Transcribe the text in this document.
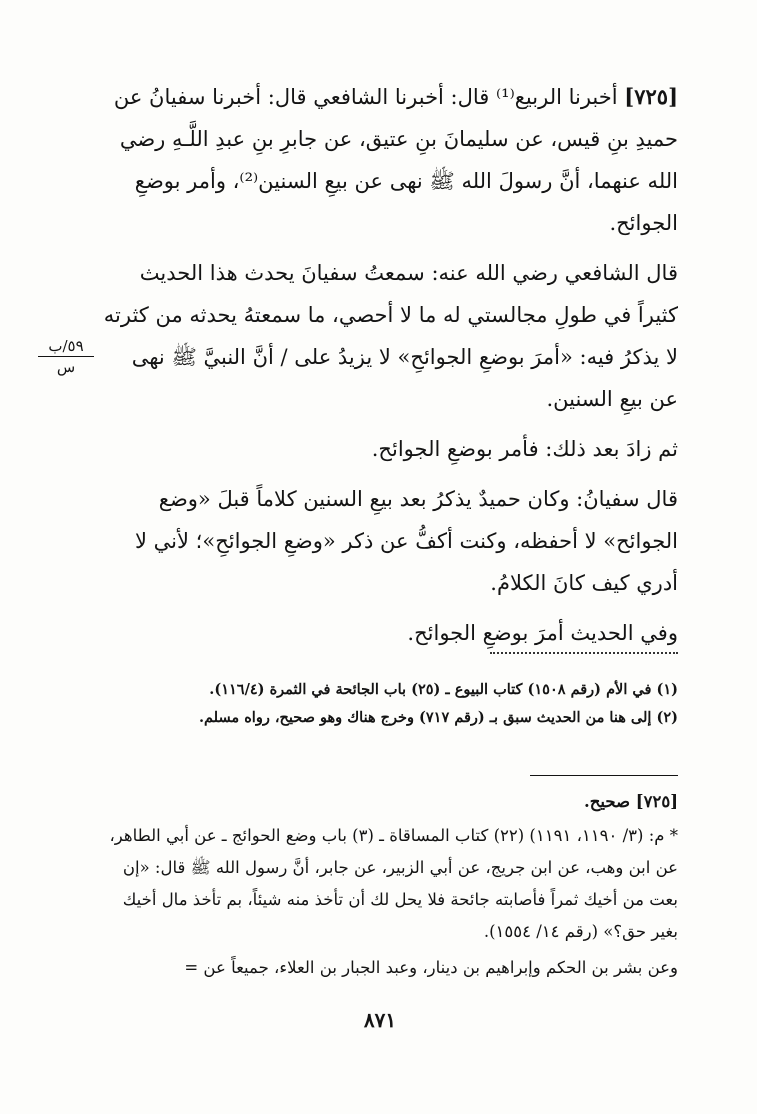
[٧٢٥] أخبرنا الربيع⁽¹⁾ قال: أخبرنا الشافعي قال: أخبرنا سفيانُ عن حميدِ بنِ قيس، عن سليمانَ بنِ عتيق، عن جابرِ بنِ عبدِ اللَّـهِ رضي الله عنهما، أنَّ رسولَ الله ﷺ نهى عن بيعِ السنين⁽²⁾، وأمر بوضعِ الجوائح.

قال الشافعي رضي الله عنه: سمعتُ سفيانَ يحدث هذا الحديث كثيراً في طولِ مجالستي له ما لا أحصي، ما سمعتهُ يحدثه من كثرته لا يذكرُ فيه: «أمرَ بوضعِ الجوائحِ» لا يزيدُ على / أنَّ النبيَّ ﷺ نهى عن بيعِ السنين.

ثم زادَ بعد ذلك: فأمر بوضعِ الجوائح.

قال سفيانُ: وكان حميدٌ يذكرُ بعد بيعِ السنين كلاماً قبلَ «وضع الجوائح» لا أحفظه، وكنت أكفُّ عن ذكر «وضعِ الجوائحِ»؛ لأني لا أدري كيف كانَ الكلامُ.

وفي الحديث أمرَ بوضعِ الجوائح.

٥٩/ب
س

(١) في الأم (رقم ١٥٠٨) كتاب البيوع ـ (٢٥) باب الجائحة في الثمرة (١١٦/٤).

(٢) إلى هنا من الحديث سبق بـ (رقم ٧١٧) وخرج هناك وهو صحيح، رواه مسلم.

[٧٢٥] صحيح.

* م: (٣/ ١١٩٠، ١١٩١) (٢٢) كتاب المساقاة ـ (٣) باب وضع الحوائج ـ عن أبي الطاهر، عن ابن وهب، عن ابن جريج، عن أبي الزبير، عن جابر، أنَّ رسول الله ﷺ قال: «إن بعت من أخيك ثمراً فأصابته جائحة فلا يحل لك أن تأخذ منه شيئاً، بم تأخذ مال أخيك بغير حق؟» (رقم ١٤/ ١٥٥٤).

وعن بشر بن الحكم وإبراهيم بن دينار، وعبد الجبار بن العلاء، جميعاً عن =

٨٧١
